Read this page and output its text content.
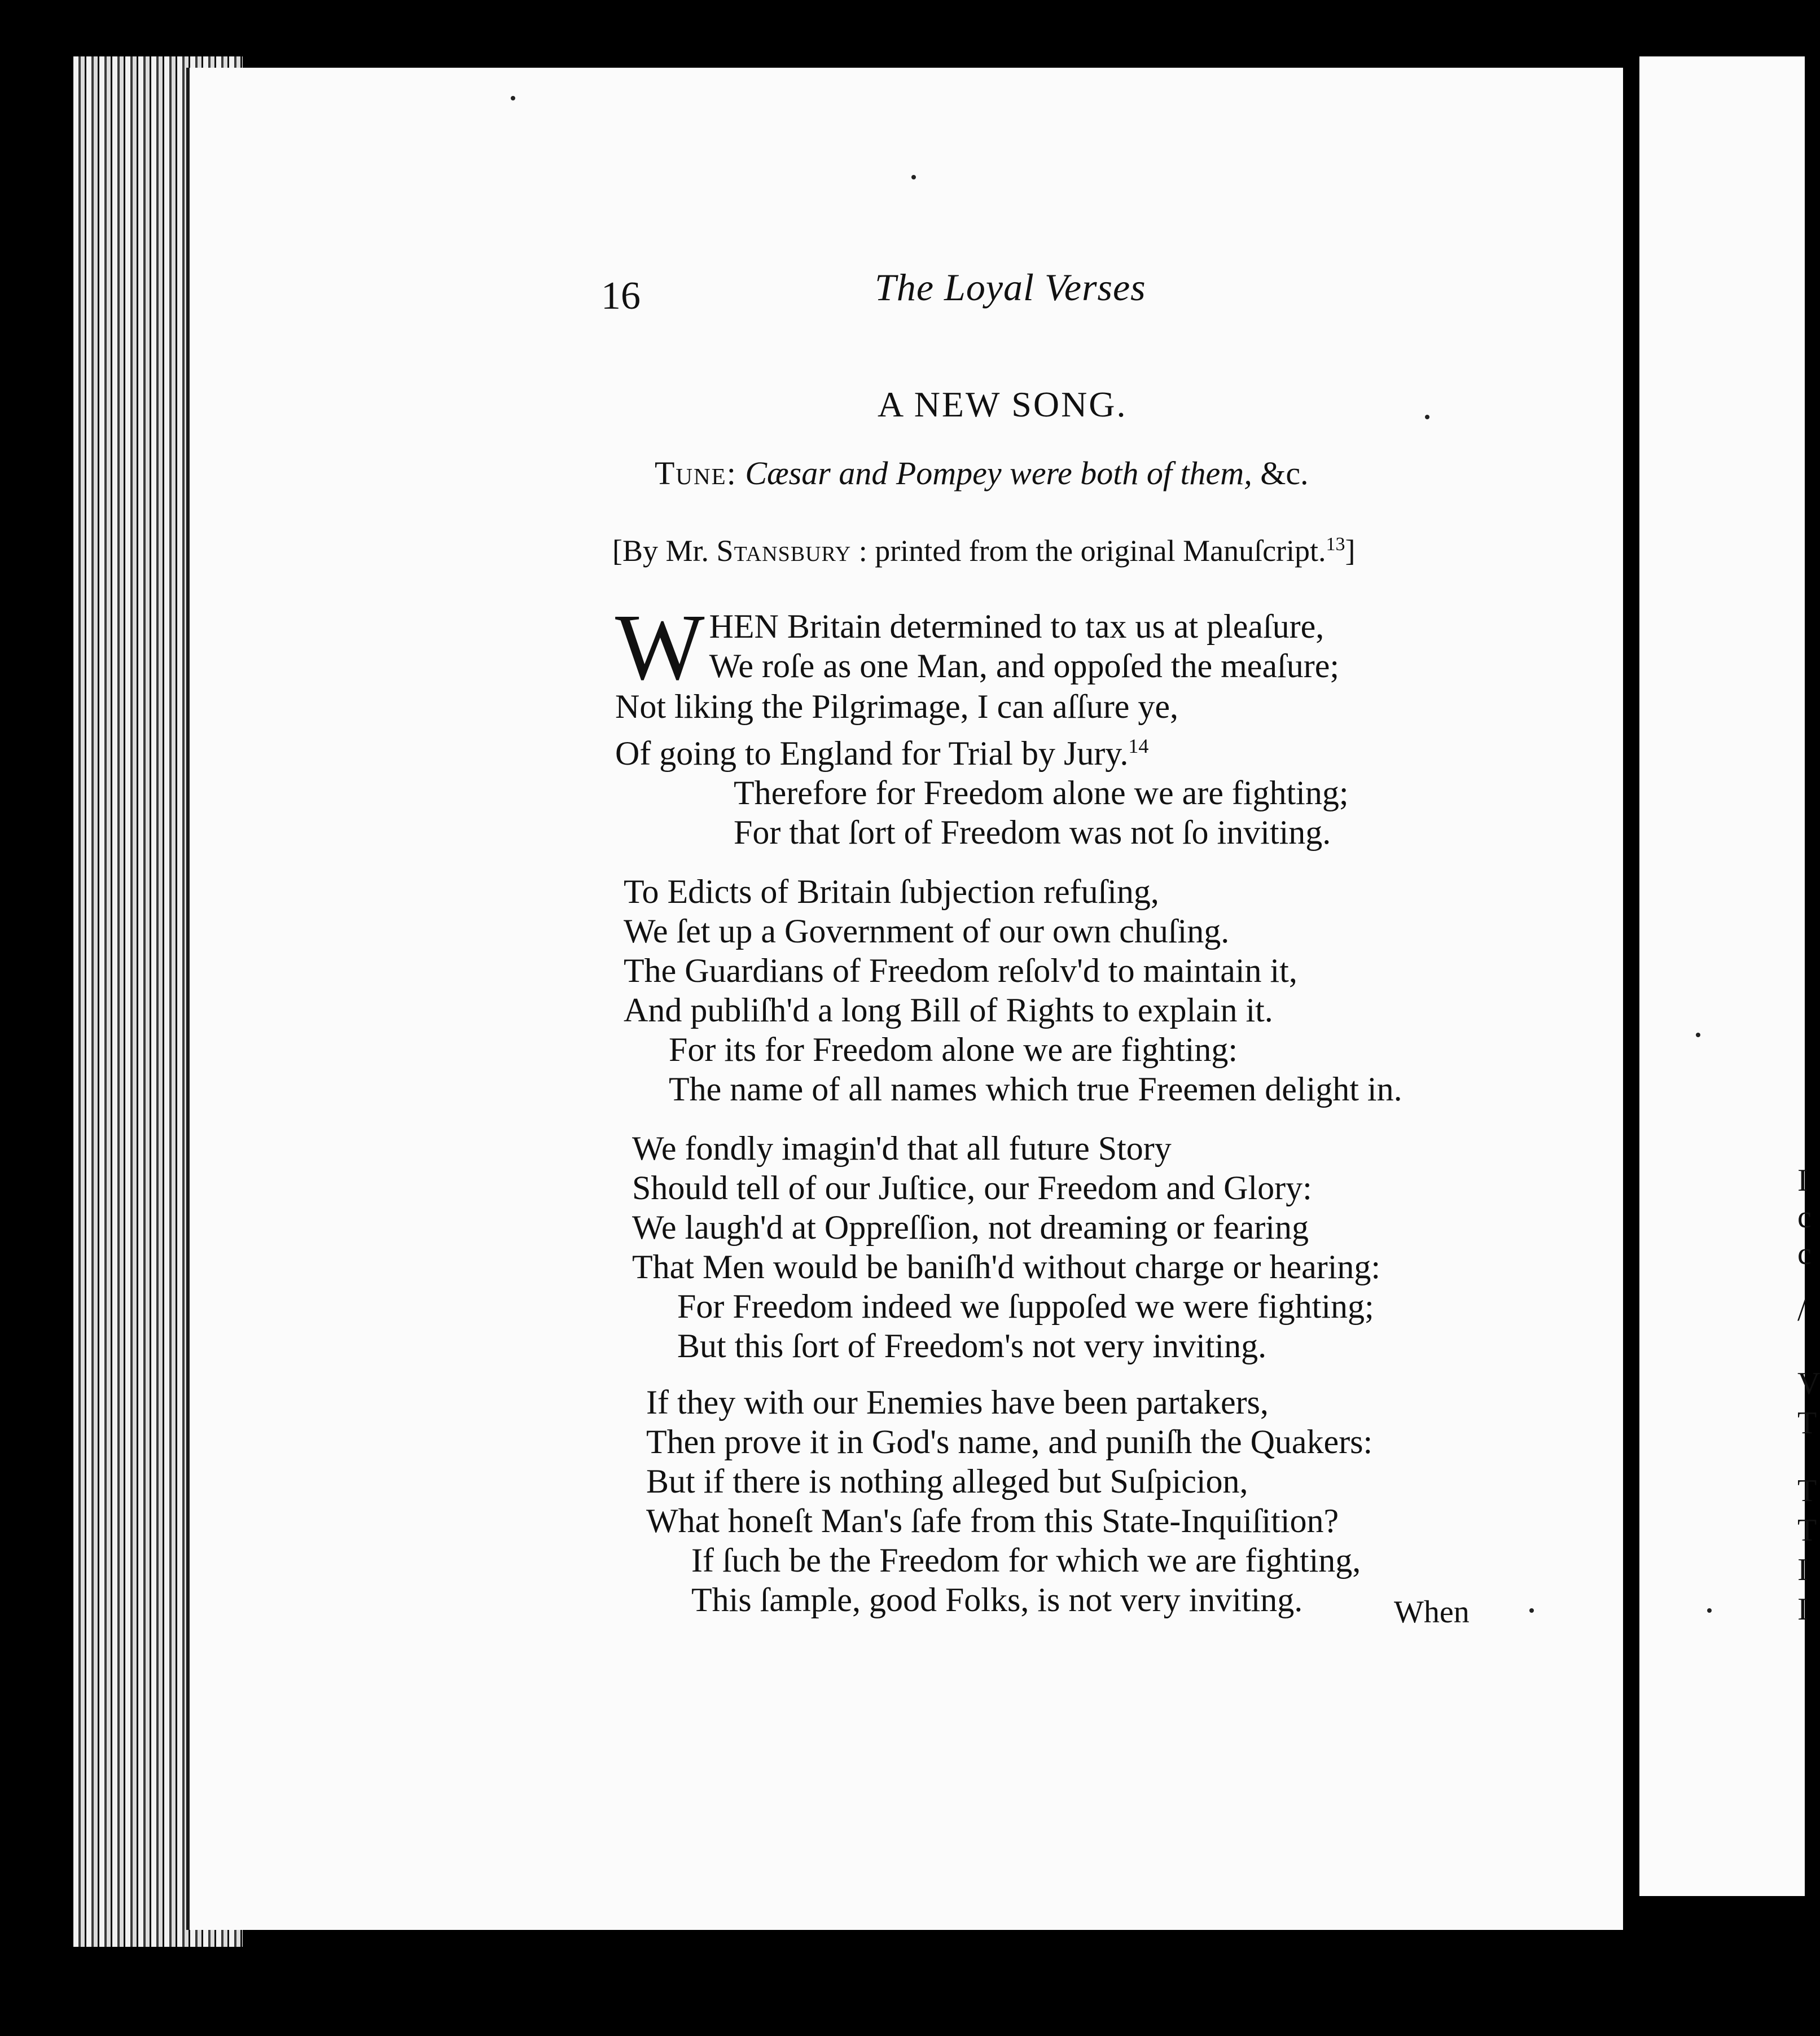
I
c
c
/
V
T
T
T
I
I
16	The Loyal Verses
A NEW SONG.
Tune: Cæsar and Pompey were both of them, &c.
[By Mr. Stansbury : printed from the original Manuſcript.$^{13}$]
W HEN Britain determined to tax us at pleaſure,
We roſe as one Man, and oppoſed the meaſure;
Not liking the Pilgrimage, I can aſſure ye,
Of going to England for Trial by Jury.$^{14}$
Therefore for Freedom alone we are fighting;
For that ſort of Freedom was not ſo inviting.
To Edicts of Britain ſubjection refuſing,
We ſet up a Government of our own chuſing.
The Guardians of Freedom reſolv'd to maintain it,
And publiſh'd a long Bill of Rights to explain it.
For its for Freedom alone we are fighting:
The name of all names which true Freemen delight in.
We fondly imagin'd that all future Story
Should tell of our Juſtice, our Freedom and Glory:
We laugh'd at Oppreſſion, not dreaming or fearing
That Men would be baniſh'd without charge or hearing:
For Freedom indeed we ſuppoſed we were fighting;
But this ſort of Freedom's not very inviting.
If they with our Enemies have been partakers,
Then prove it in God's name, and puniſh the Quakers:
But if there is nothing alleged but Suſpicion,
What honeſt Man's ſafe from this State-Inquiſition?
If ſuch be the Freedom for which we are fighting,
This ſample, good Folks, is not very inviting.	When
